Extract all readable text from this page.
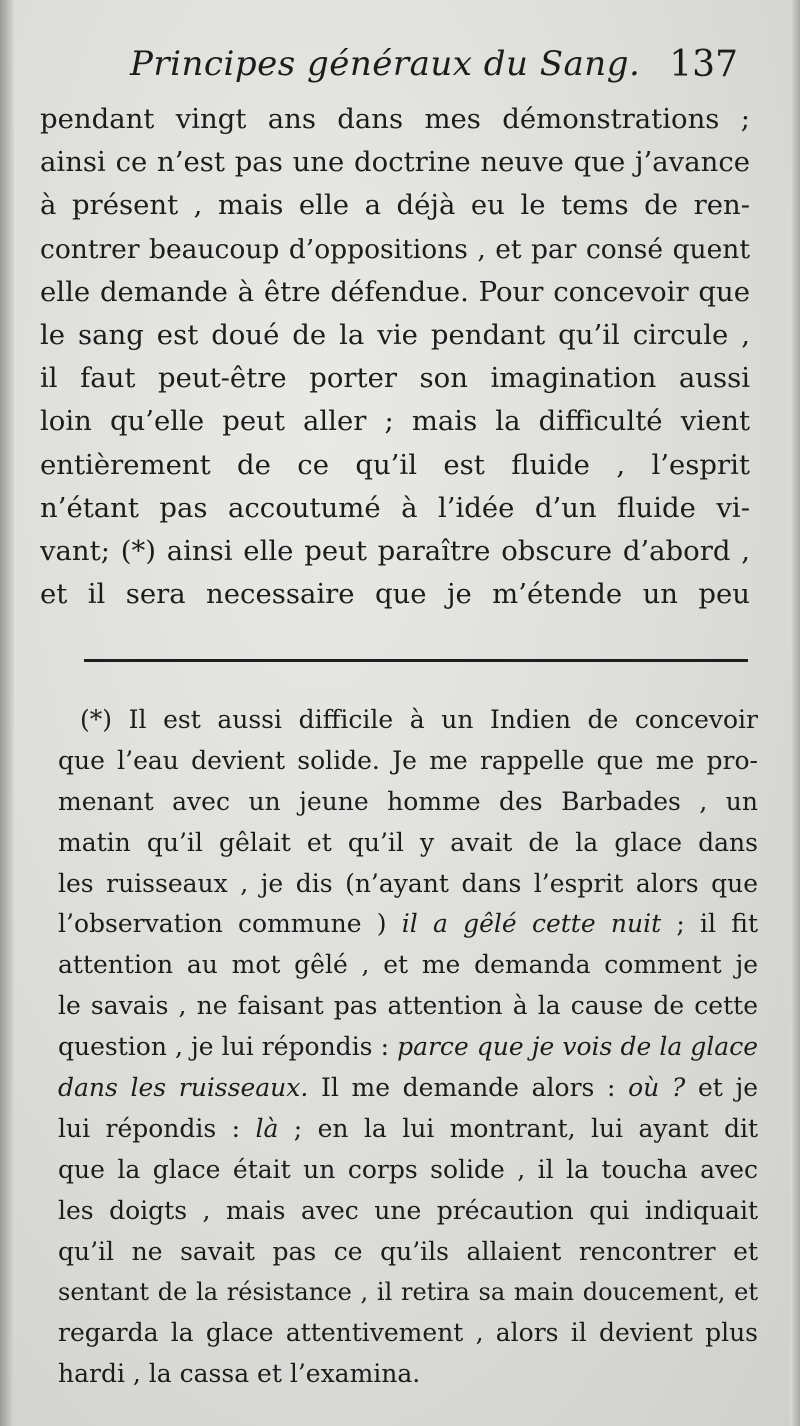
Principes généraux du Sang. 137
pendant vingt ans dans mes démonstrations ;
ainsi ce n’est pas une doctrine neuve que j’avance
à présent , mais elle a déjà eu le tems de ren-
contrer beaucoup d’oppositions , et par consé quent
elle demande à être défendue. Pour concevoir que
le sang est doué de la vie pendant qu’il circule ,
il faut peut-être porter son imagination aussi
loin qu’elle peut aller ; mais la difficulté vient
entièrement de ce qu’il est fluide , l’esprit
n’étant pas accoutumé à l’idée d’un fluide vi-
vant; (*) ainsi elle peut paraître obscure d’abord ,
et il sera necessaire que je m’étende un peu
(*) Il est aussi difficile à un Indien de concevoir
que l’eau devient solide. Je me rappelle que me pro-
menant avec un jeune homme des Barbades , un
matin qu’il gêlait et qu’il y avait de la glace dans
les ruisseaux , je dis (n’ayant dans l’esprit alors que
l’observation commune ) il a gêlé cette nuit ; il fit
attention au mot gêlé , et me demanda comment je
le savais , ne faisant pas attention à la cause de cette
question , je lui répondis : parce que je vois de la glace
dans les ruisseaux. Il me demande alors : où ? et je
lui répondis : là ; en la lui montrant, lui ayant dit
que la glace était un corps solide , il la toucha avec
les doigts , mais avec une précaution qui indiquait
qu’il ne savait pas ce qu’ils allaient rencontrer et
sentant de la résistance , il retira sa main doucement, et
regarda la glace attentivement , alors il devient plus
hardi , la cassa et l’examina.
